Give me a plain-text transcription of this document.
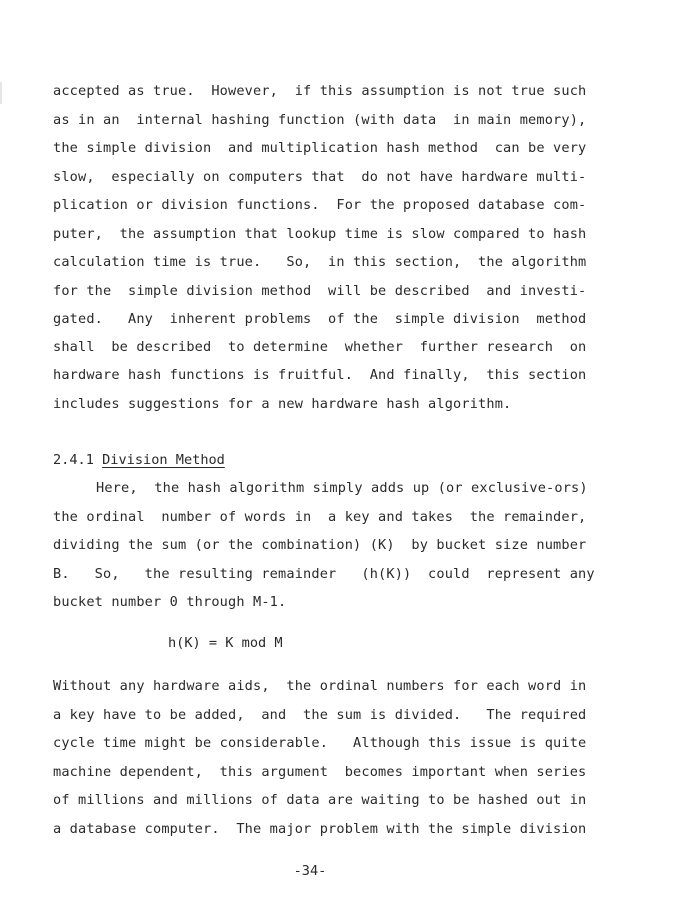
accepted as true.  However,  if this assumption is not true such
as in an  internal hashing function (with data  in main memory),
the simple division  and multiplication hash method  can be very
slow,  especially on computers that  do not have hardware multi-
plication or division functions.  For the proposed database com-
puter,  the assumption that lookup time is slow compared to hash
calculation time is true.   So,  in this section,  the algorithm
for the  simple division method  will be described  and investi-
gated.   Any  inherent problems  of the  simple division  method
shall  be described  to determine  whether  further research  on
hardware hash functions is fruitful.  And finally,  this section
includes suggestions for a new hardware hash algorithm.
2.4.1 Division Method
Here,  the hash algorithm simply adds up (or exclusive-ors)
the ordinal  number of words in  a key and takes  the remainder,
dividing the sum (or the combination) (K)  by bucket size number
B.   So,   the resulting remainder   (h(K))  could  represent any
bucket number 0 through M-1.
h(K) = K mod M
Without any hardware aids,  the ordinal numbers for each word in
a key have to be added,  and  the sum is divided.   The required
cycle time might be considerable.   Although this issue is quite
machine dependent,  this argument  becomes important when series
of millions and millions of data are waiting to be hashed out in
a database computer.  The major problem with the simple division
-34-
